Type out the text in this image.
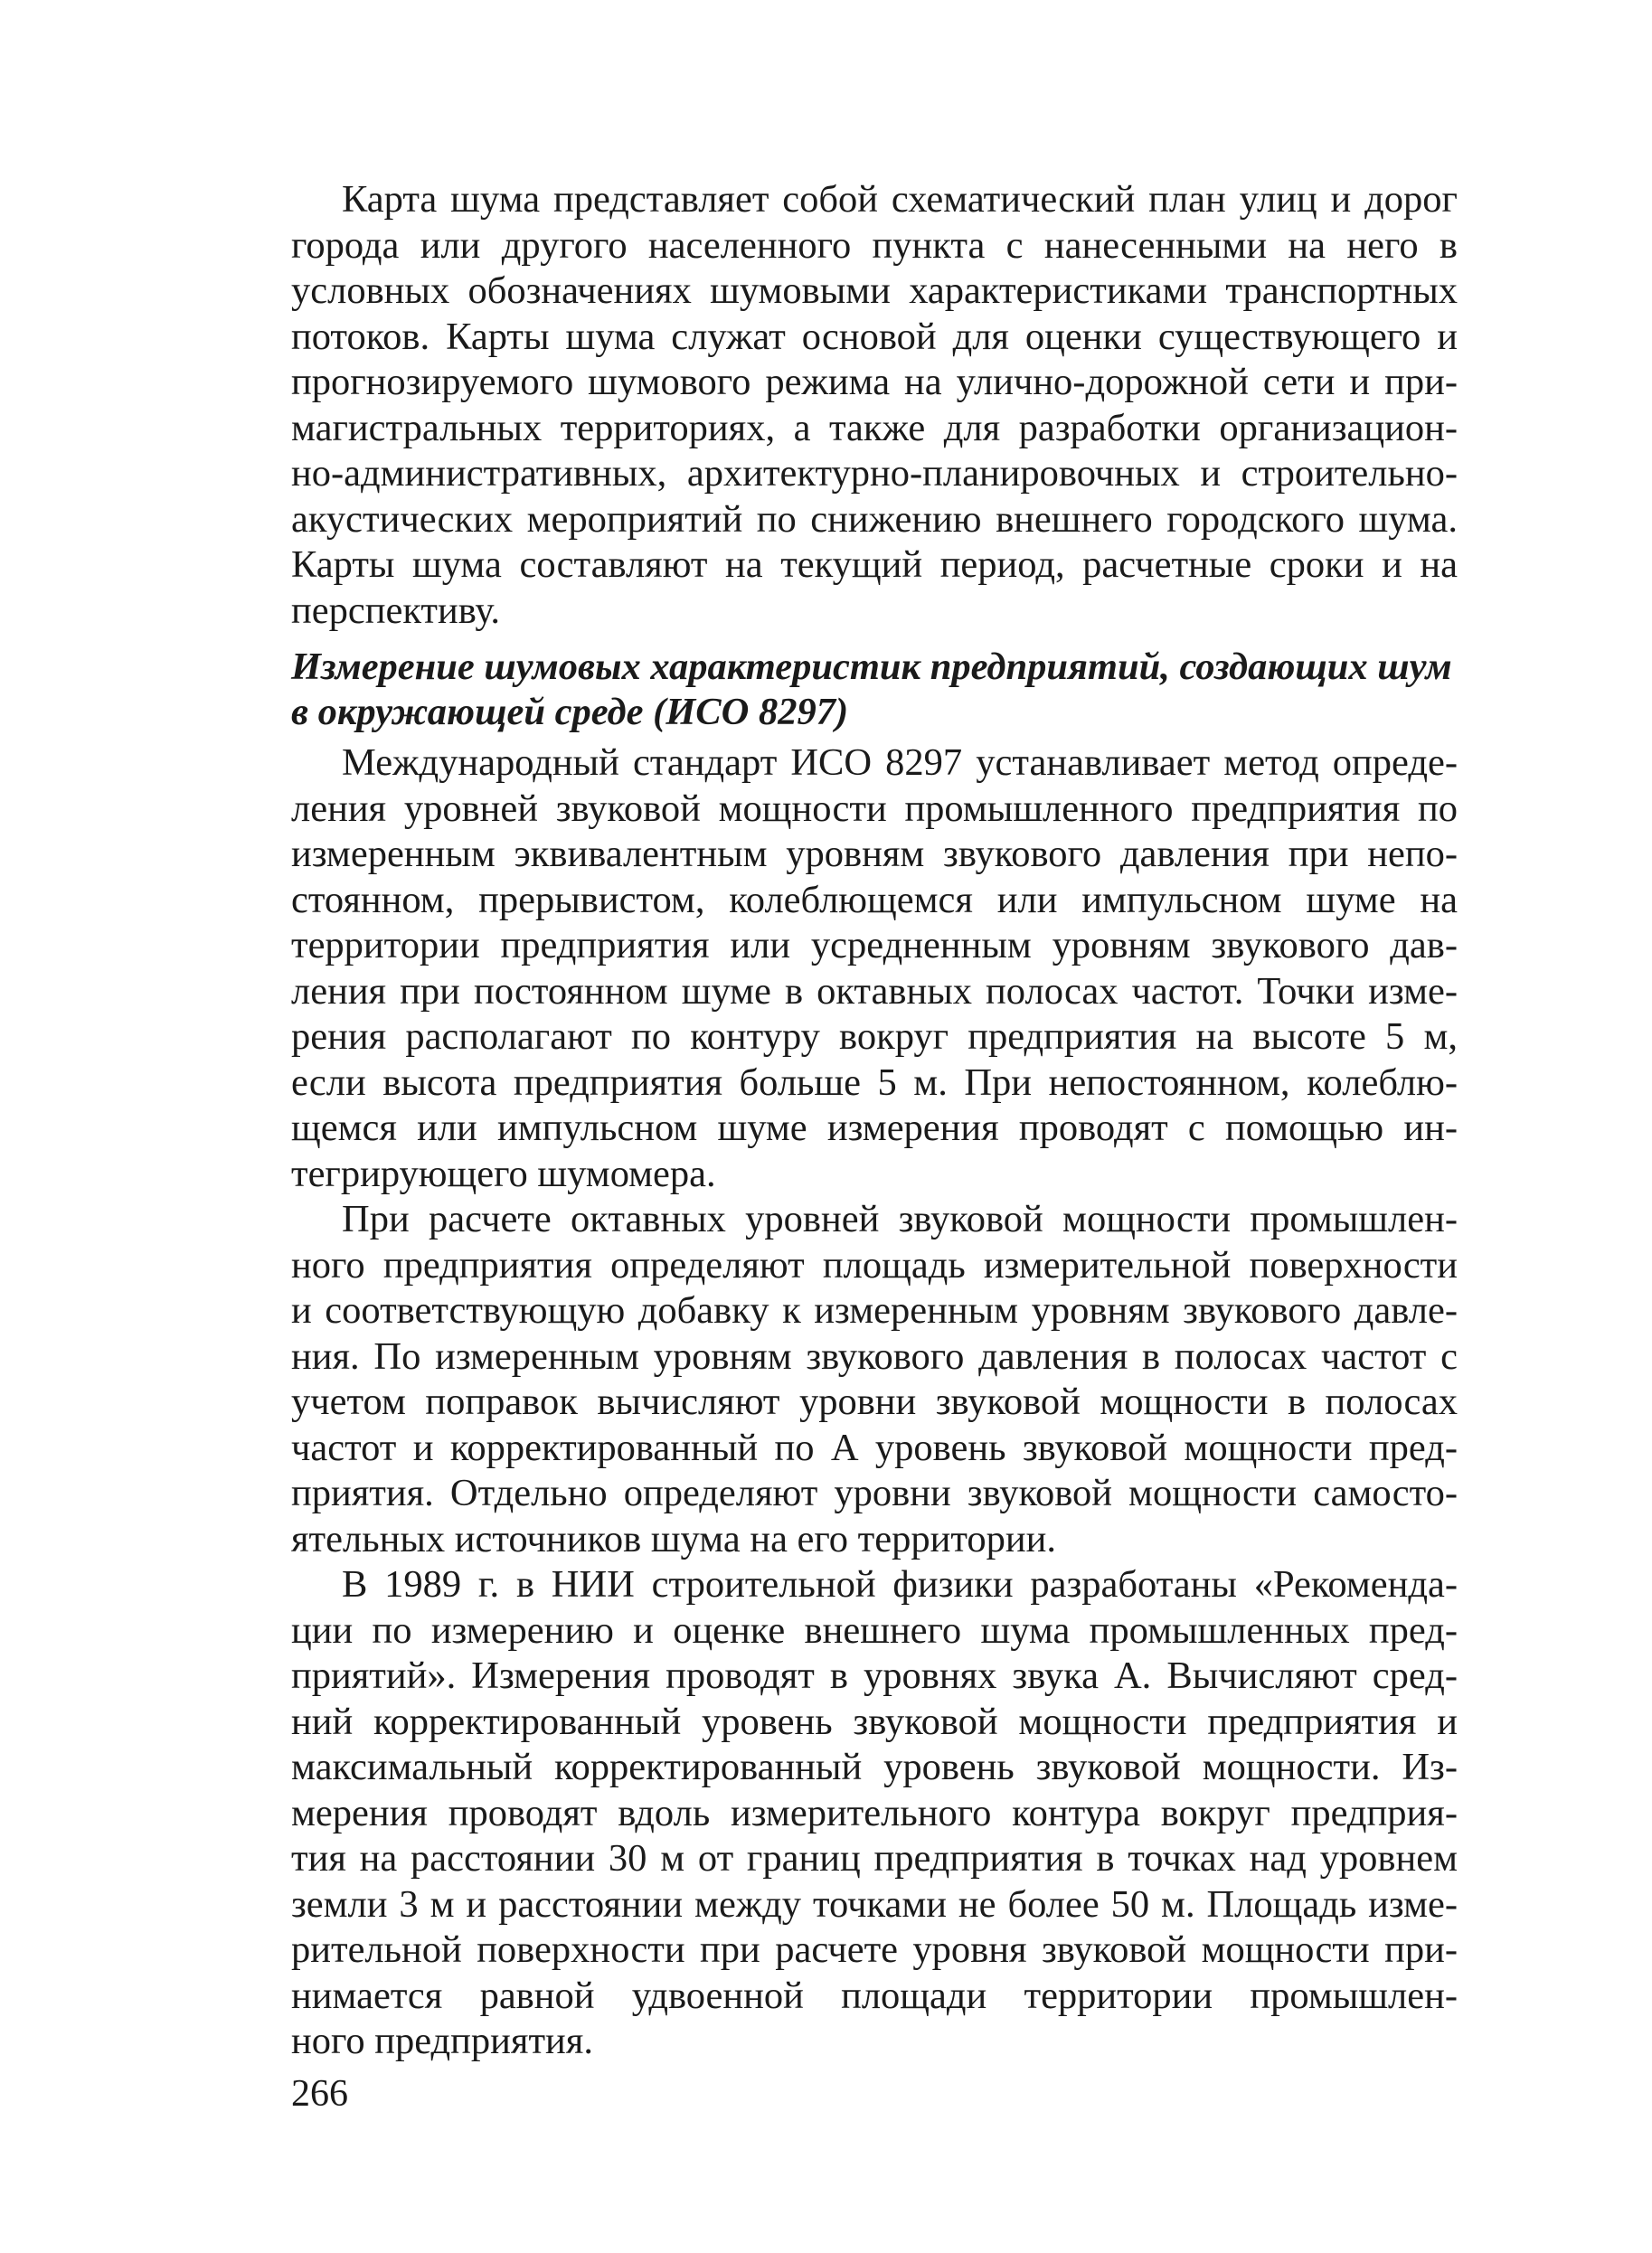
Карта шума представляет собой схематический план улиц и дорог
города или другого населенного пункта с нанесенными на него в
условных обозначениях шумовыми характеристиками транспортных
потоков. Карты шума служат основой для оценки существующего и
прогнозируемого шумового режима на улично-дорожной сети и при-
магистральных территориях, а также для разработки организацион-
но-административных, архитектурно-планировочных и строительно-
акустических мероприятий по снижению внешнего городского шума.
Карты шума составляют на текущий период, расчетные сроки и на
перспективу.
Измерение шумовых характеристик предприятий, создающих шум
в окружающей среде (ИСО 8297)
Международный стандарт ИСО 8297 устанавливает метод опреде-
ления уровней звуковой мощности промышленного предприятия по
измеренным эквивалентным уровням звукового давления при непо-
стоянном, прерывистом, колеблющемся или импульсном шуме на
территории предприятия или усредненным уровням звукового дав-
ления при постоянном шуме в октавных полосах частот. Точки изме-
рения располагают по контуру вокруг предприятия на высоте 5 м,
если высота предприятия больше 5 м. При непостоянном, колеблю-
щемся или импульсном шуме измерения проводят с помощью ин-
тегрирующего шумомера.
При расчете октавных уровней звуковой мощности промышлен-
ного предприятия определяют площадь измерительной поверхности
и соответствующую добавку к измеренным уровням звукового давле-
ния. По измеренным уровням звукового давления в полосах частот с
учетом поправок вычисляют уровни звуковой мощности в полосах
частот и корректированный по А уровень звуковой мощности пред-
приятия. Отдельно определяют уровни звуковой мощности самосто-
ятельных источников шума на его территории.
В 1989 г. в НИИ строительной физики разработаны «Рекоменда-
ции по измерению и оценке внешнего шума промышленных пред-
приятий». Измерения проводят в уровнях звука А. Вычисляют сред-
ний корректированный уровень звуковой мощности предприятия и
максимальный корректированный уровень звуковой мощности. Из-
мерения проводят вдоль измерительного контура вокруг предприя-
тия на расстоянии 30 м от границ предприятия в точках над уровнем
земли 3 м и расстоянии между точками не более 50 м. Площадь изме-
рительной поверхности при расчете уровня звуковой мощности при-
нимается равной удвоенной площади территории промышлен-
ного предприятия.
266
